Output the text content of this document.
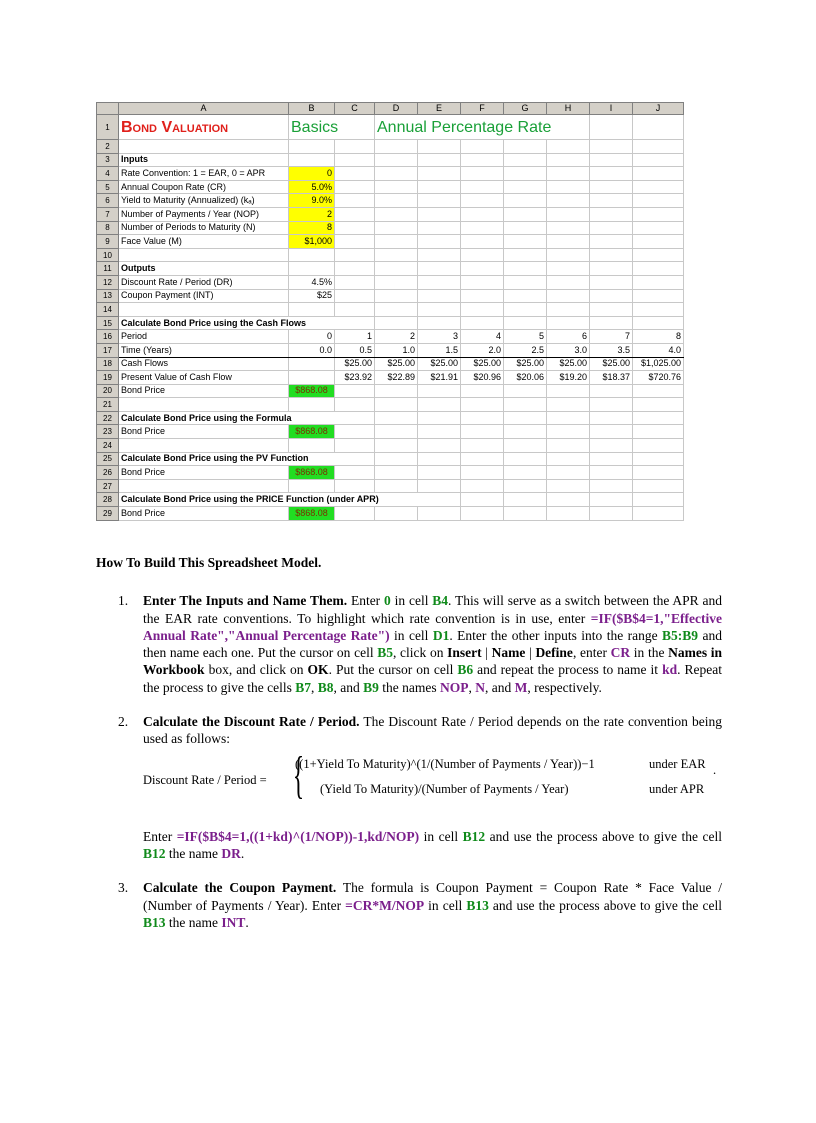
	A	B	C	D	E	F	G	H	I	J
1	Bond Valuation	Basics		Annual Percentage Rate						
2										
3	Inputs									
4	Rate Convention: 1 = EAR, 0 = APR	0								
5	Annual Coupon Rate (CR)	5.0%								
6	Yield to Maturity (Annualized) (kₐ)	9.0%								
7	Number of Payments / Year (NOP)	2								
8	Number of Periods to Maturity (N)	8								
9	Face Value (M)	$1,000								
10										
11	Outputs									
12	Discount Rate / Period (DR)	4.5%								
13	Coupon Payment (INT)	$25								
14										
15	Calculate Bond Price using the Cash Flows									
16	Period	0	1	2	3	4	5	6	7	8
17	Time (Years)	0.0	0.5	1.0	1.5	2.0	2.5	3.0	3.5	4.0
18	Cash Flows		$25.00	$25.00	$25.00	$25.00	$25.00	$25.00	$25.00	$1,025.00
19	Present Value of Cash Flow		$23.92	$22.89	$21.91	$20.96	$20.06	$19.20	$18.37	$720.76
20	Bond Price	$868.08								
21										
22	Calculate Bond Price using the Formula									
23	Bond Price	$868.08								
24										
25	Calculate Bond Price using the PV Function									
26	Bond Price	$868.08								
27										
28	Calculate Bond Price using the PRICE Function (under APR)									
29	Bond Price	$868.08								
How To Build This Spreadsheet Model.
1. Enter The Inputs and Name Them. Enter 0 in cell B4. This will serve as a switch between the APR and the EAR rate conventions. To highlight which rate convention is in use, enter =IF($B$4=1,"Effective Annual Rate","Annual Percentage Rate") in cell D1. Enter the other inputs into the range B5:B9 and then name each one. Put the cursor on cell B5, click on Insert | Name | Define, enter CR in the Names in Workbook box, and click on OK. Put the cursor on cell B6 and repeat the process to name it kd. Repeat the process to give the cells B7, B8, and B9 the names NOP, N, and M, respectively.
2. Calculate the Discount Rate / Period. The Discount Rate / Period depends on the rate convention being used as follows:
Discount Rate / Period = {
((1+Yield To Maturity)^(1/(Number of Payments / Year))−1
(Yield To Maturity)/(Number of Payments / Year)
under EAR
under APR
.
Enter =IF($B$4=1,((1+kd)^(1/NOP))-1,kd/NOP) in cell B12 and use the process above to give the cell B12 the name DR.
3. Calculate the Coupon Payment. The formula is Coupon Payment = Coupon Rate * Face Value / (Number of Payments / Year). Enter =CR*M/NOP in cell B13 and use the process above to give the cell B13 the name INT.
